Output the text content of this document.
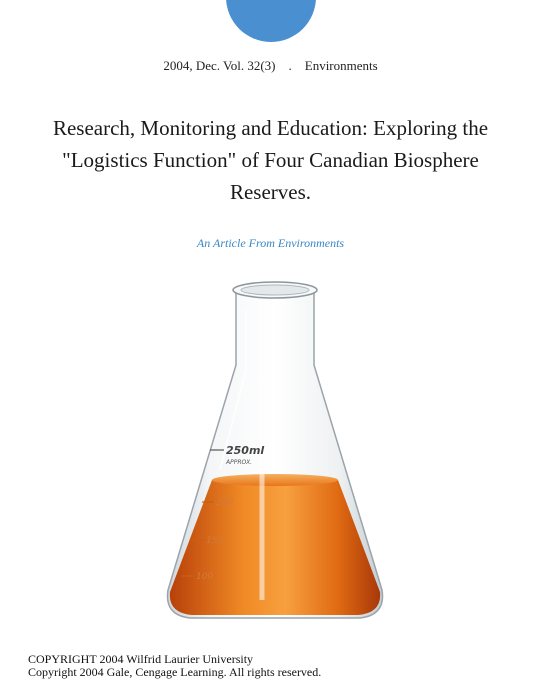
2004, Dec. Vol. 32(3) . Environments
Research, Monitoring and Education: Exploring the "Logistics Function" of Four Canadian Biosphere Reserves.
An Article From Environments
250ml
APPROX.
200
150
100
COPYRIGHT 2004 Wilfrid Laurier University
Copyright 2004 Gale, Cengage Learning. All rights reserved.
